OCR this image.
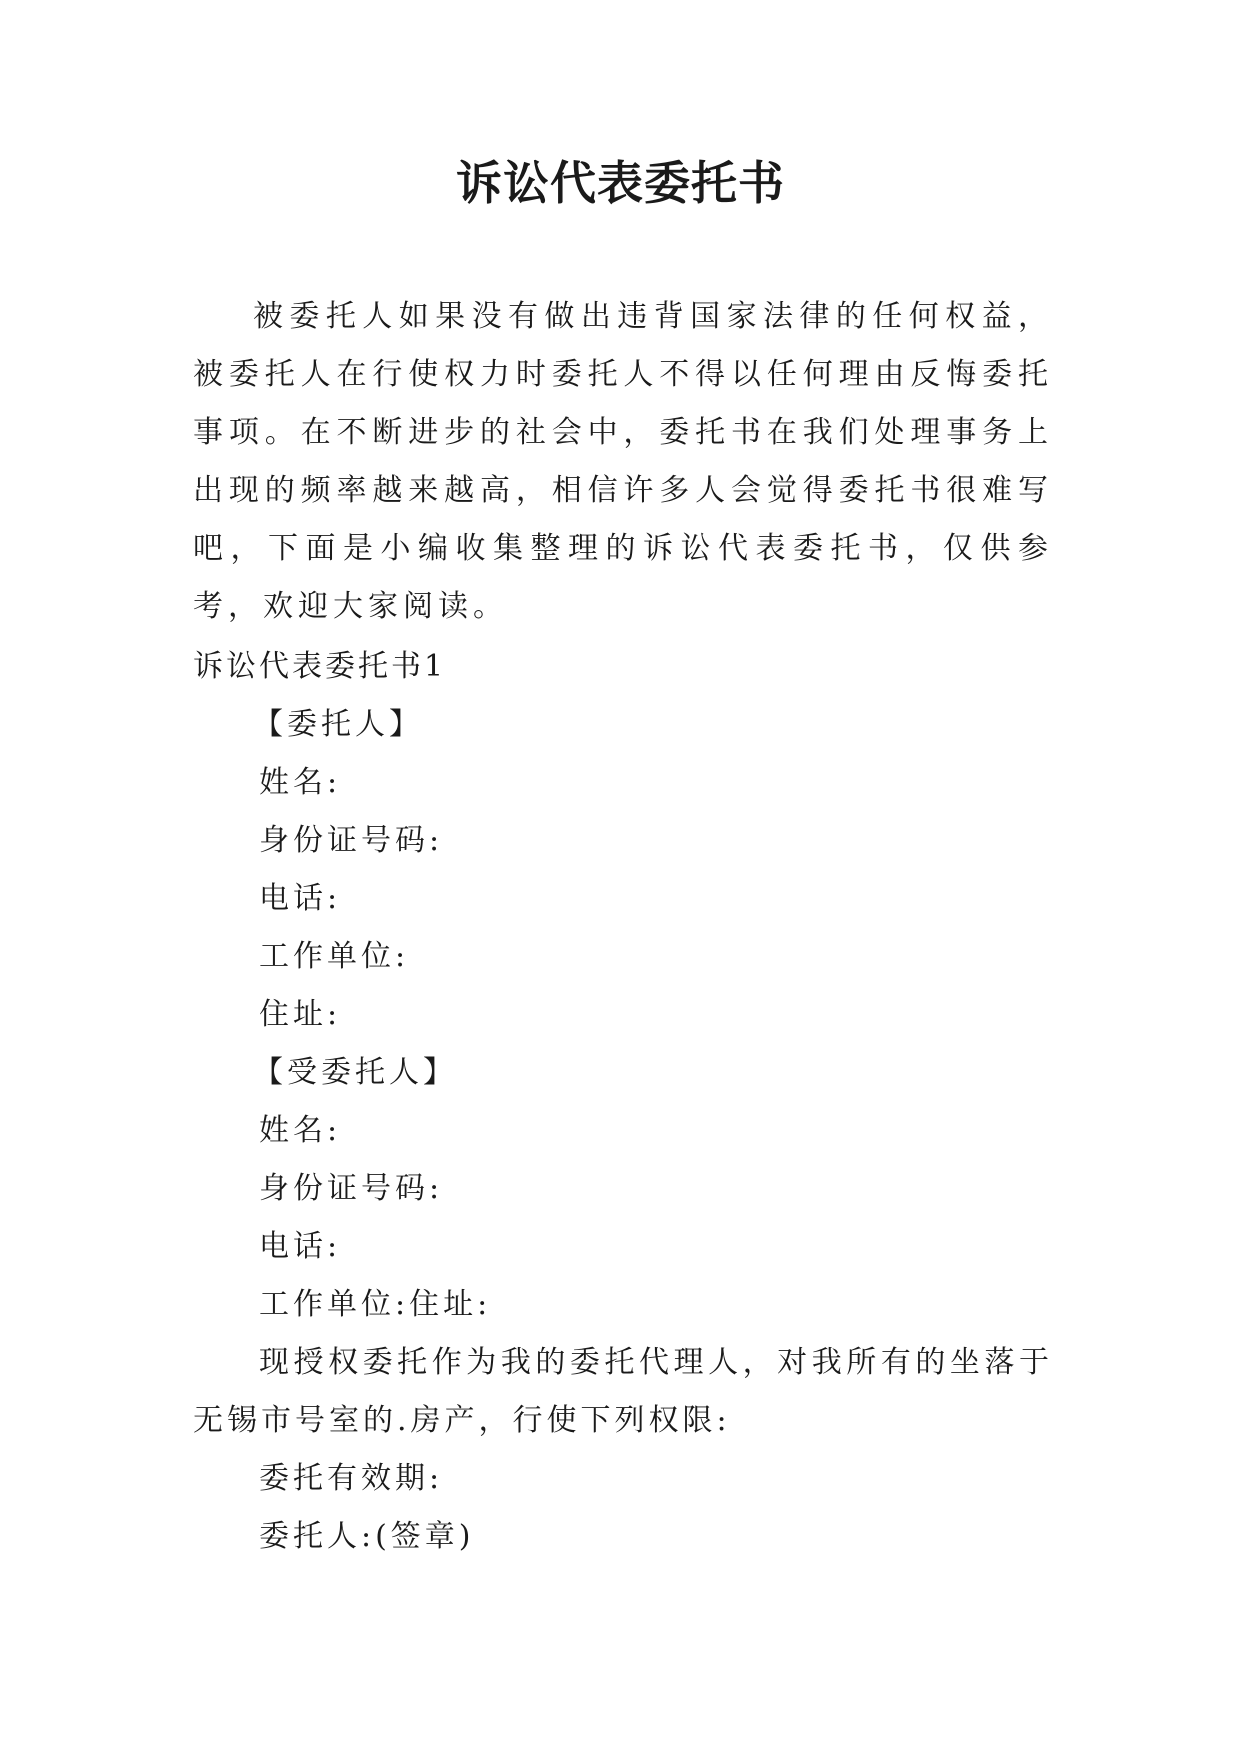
诉讼代表委托书

被委托人如果没有做出违背国家法律的任何权益，被委托人在行使权力时委托人不得以任何理由反悔委托事项。在不断进步的社会中，委托书在我们处理事务上出现的频率越来越高，相信许多人会觉得委托书很难写吧，下面是小编收集整理的诉讼代表委托书，仅供参考，欢迎大家阅读。

诉讼代表委托书1

【委托人】

姓名:

身份证号码:

电话:

工作单位:

住址:

【受委托人】

姓名:

身份证号码:

电话:

工作单位:住址:

现授权委托作为我的委托代理人，对我所有的坐落于无锡市号室的.房产，行使下列权限:

委托有效期:

委托人:(签章)
